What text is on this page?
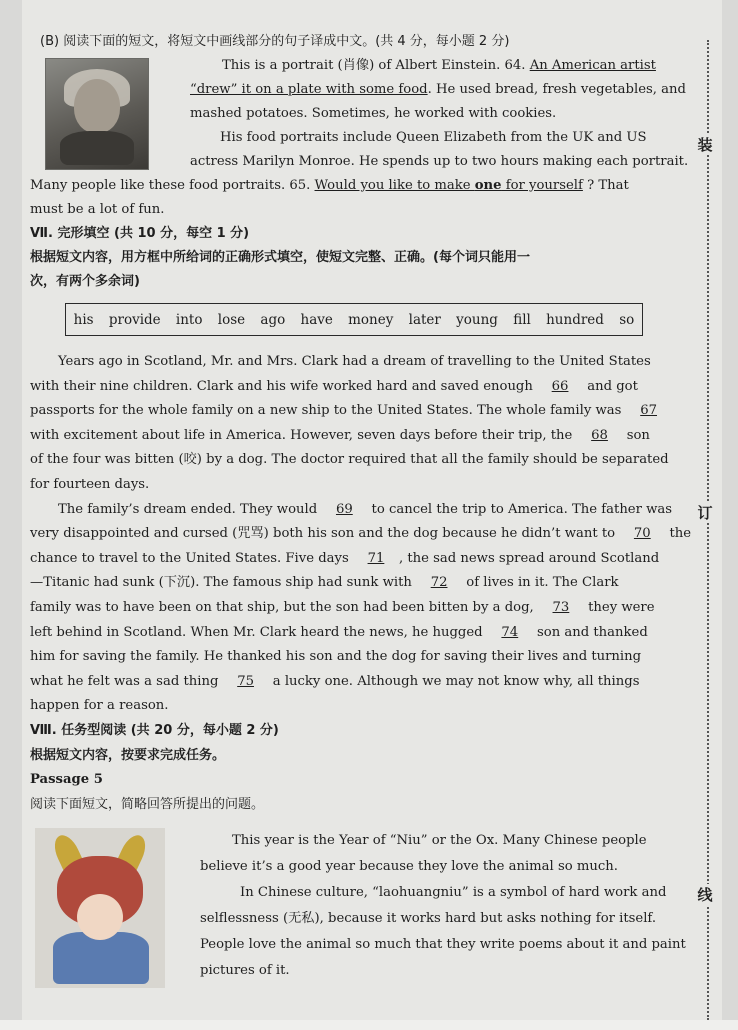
(B) 阅读下面的短文，将短文中画线部分的句子译成中文。(共 4 分，每小题 2 分)
This is a portrait (肖像) of Albert Einstein. 64. An American artist
“drew” it on a plate with some food. He used bread, fresh vegetables, and
mashed potatoes. Sometimes, he worked with cookies.
His food portraits include Queen Elizabeth from the UK and US
actress Marilyn Monroe. He spends up to two hours making each portrait.
Many people like these food portraits. 65. Would you like to make one for yourself ? That
must be a lot of fun.
Ⅶ. 完形填空 (共 10 分，每空 1 分)
根据短文内容，用方框中所给词的正确形式填空，使短文完整、正确。(每个词只能用一
次，有两个多余词)
his provide into lose ago have money later young fill hundred so
Years ago in Scotland, Mr. and Mrs. Clark had a dream of travelling to the United States
with their nine children. Clark and his wife worked hard and saved enough 66 and got
passports for the whole family on a new ship to the United States. The whole family was 67
with excitement about life in America. However, seven days before their trip, the 68 son
of the four was bitten (咬) by a dog. The doctor required that all the family should be separated
for fourteen days.
The family’s dream ended. They would 69 to cancel the trip to America. The father was
very disappointed and cursed (咒骂) both his son and the dog because he didn’t want to 70 the
chance to travel to the United States. Five days 71 , the sad news spread around Scotland
—Titanic had sunk (下沉). The famous ship had sunk with 72 of lives in it. The Clark
family was to have been on that ship, but the son had been bitten by a dog, 73 they were
left behind in Scotland. When Mr. Clark heard the news, he hugged 74 son and thanked
him for saving the family. He thanked his son and the dog for saving their lives and turning
what he felt was a sad thing 75 a lucky one. Although we may not know why, all things
happen for a reason.
Ⅷ. 任务型阅读 (共 20 分，每小题 2 分)
根据短文内容，按要求完成任务。
Passage 5
阅读下面短文，简略回答所提出的问题。
This year is the Year of “Niu” or the Ox. Many Chinese people
believe it’s a good year because they love the animal so much.
In Chinese culture, “laohuangniu” is a symbol of hard work and
selflessness (无私), because it works hard but asks nothing for itself.
People love the animal so much that they write poems about it and paint
pictures of it.
装
订
线
